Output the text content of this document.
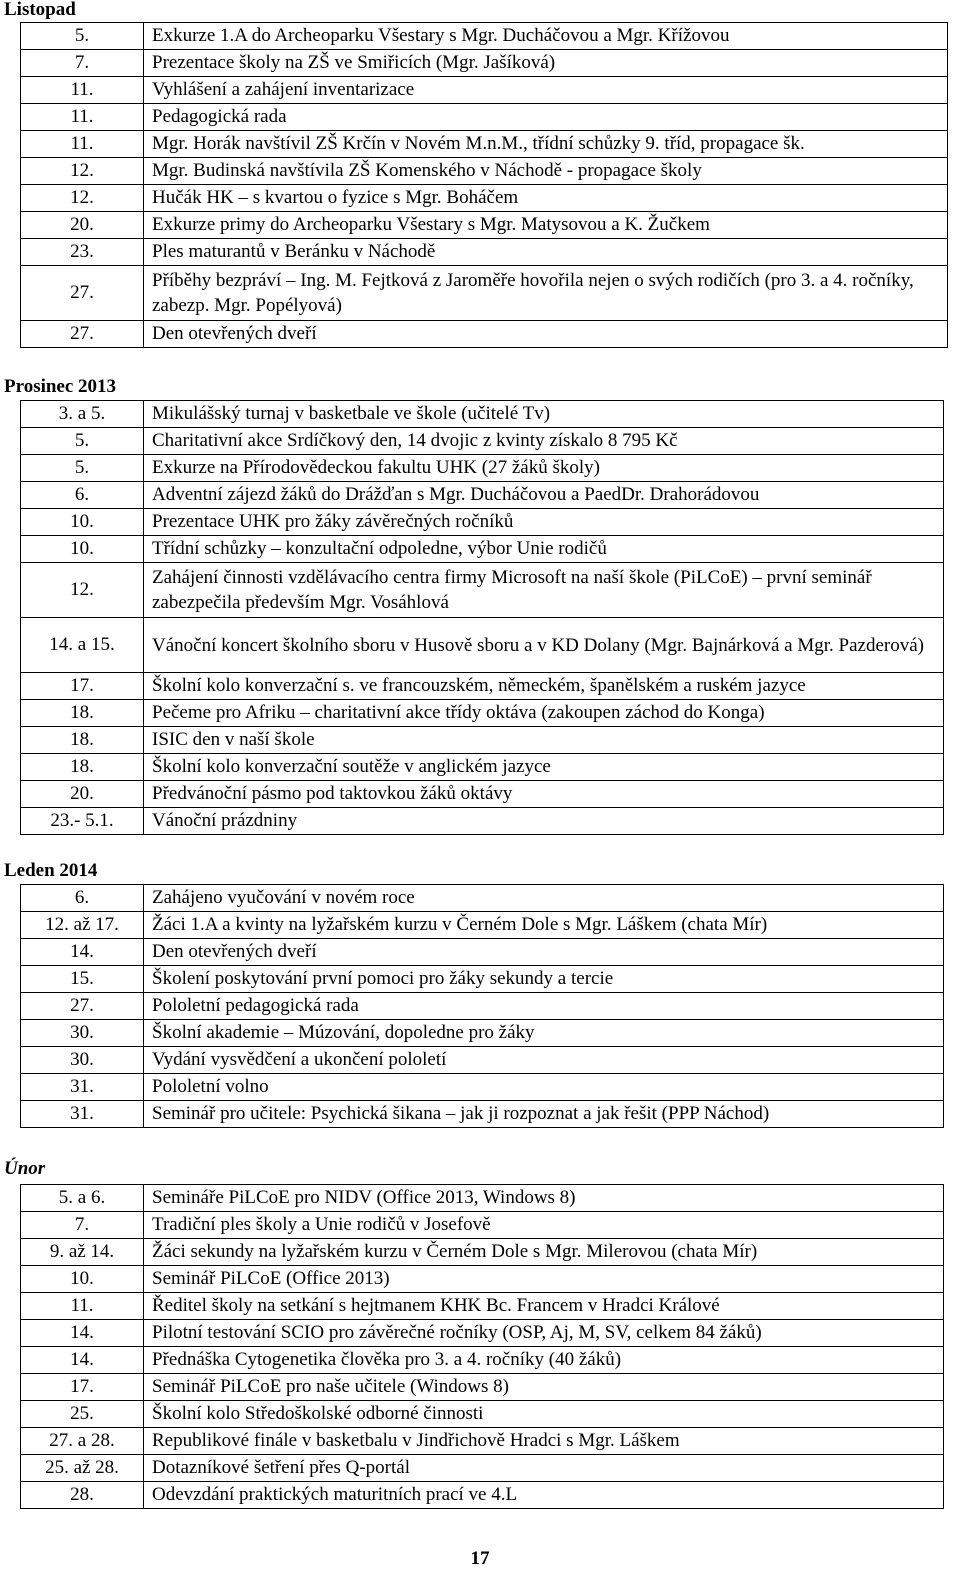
Listopad
5.	Exkurze 1.A do Archeoparku Všestary s Mgr. Ducháčovou a Mgr. Křížovou
7.	Prezentace školy na ZŠ ve Smiřicích (Mgr. Jašíková)
11.	Vyhlášení a zahájení inventarizace
11.	Pedagogická rada
11.	Mgr. Horák navštívil ZŠ Krčín v Novém M.n.M., třídní schůzky 9. tříd, propagace šk.
12.	Mgr. Budinská navštívila ZŠ Komenského v Náchodě - propagace školy
12.	Hučák HK – s kvartou o fyzice s Mgr. Boháčem
20.	Exkurze primy do Archeoparku Všestary s Mgr. Matysovou a K. Žučkem
23.	Ples maturantů v Beránku v Náchodě
27.	Příběhy bezpráví – Ing. M. Fejtková z Jaroměře hovořila nejen o svých rodičích (pro 3. a 4. ročníky, zabezp. Mgr. Popélyová)
27.	Den otevřených dveří
Prosinec 2013
3. a 5.	Mikulášský turnaj v basketbale ve škole (učitelé Tv)
5.	Charitativní akce Srdíčkový den, 14 dvojic z kvinty získalo 8 795 Kč
5.	Exkurze na Přírodovědeckou fakultu UHK (27 žáků školy)
6.	Adventní zájezd žáků do Drážďan s Mgr. Ducháčovou a PaedDr. Drahorádovou
10.	Prezentace UHK pro žáky závěrečných ročníků
10.	Třídní schůzky – konzultační odpoledne, výbor Unie rodičů
12.	Zahájení činnosti vzdělávacího centra firmy Microsoft na naší škole (PiLCoE) – první seminář zabezpečila především Mgr. Vosáhlová
14. a 15.	Vánoční koncert školního sboru v Husově sboru a v KD Dolany (Mgr. Bajnárková a Mgr. Pazderová)
17.	Školní kolo konverzační s. ve francouzském, německém, španělském a ruském jazyce
18.	Pečeme pro Afriku – charitativní akce třídy oktáva (zakoupen záchod do Konga)
18.	ISIC den v naší škole
18.	Školní kolo konverzační soutěže v anglickém jazyce
20.	Předvánoční pásmo pod taktovkou žáků oktávy
23.- 5.1.	Vánoční prázdniny
Leden 2014
6.	Zahájeno vyučování v novém roce
12. až 17.	Žáci 1.A a kvinty na lyžařském kurzu v Černém Dole s Mgr. Láškem (chata Mír)
14.	Den otevřených dveří
15.	Školení poskytování první pomoci pro žáky sekundy a tercie
27.	Pololetní pedagogická rada
30.	Školní akademie – Múzování, dopoledne pro žáky
30.	Vydání vysvědčení a ukončení pololetí
31.	Pololetní volno
31.	Seminář pro učitele: Psychická šikana – jak ji rozpoznat a jak řešit (PPP Náchod)
Únor
5. a 6.	Semináře PiLCoE pro NIDV (Office 2013, Windows 8)
7.	Tradiční ples školy a Unie rodičů v Josefově
9. až 14.	Žáci sekundy na lyžařském kurzu v Černém Dole s Mgr. Milerovou (chata Mír)
10.	Seminář PiLCoE (Office 2013)
11.	Ředitel školy na setkání s hejtmanem KHK Bc. Francem v Hradci Králové
14.	Pilotní testování SCIO pro závěrečné ročníky (OSP, Aj, M, SV, celkem 84 žáků)
14.	Přednáška Cytogenetika člověka pro 3. a 4. ročníky (40 žáků)
17.	Seminář PiLCoE pro naše učitele (Windows 8)
25.	Školní kolo Středoškolské odborné činnosti
27. a 28.	Republikové finále v basketbalu v Jindřichově Hradci s Mgr. Láškem
25. až 28.	Dotazníkové šetření přes Q-portál
28.	Odevzdání praktických maturitních prací ve 4.L
17
